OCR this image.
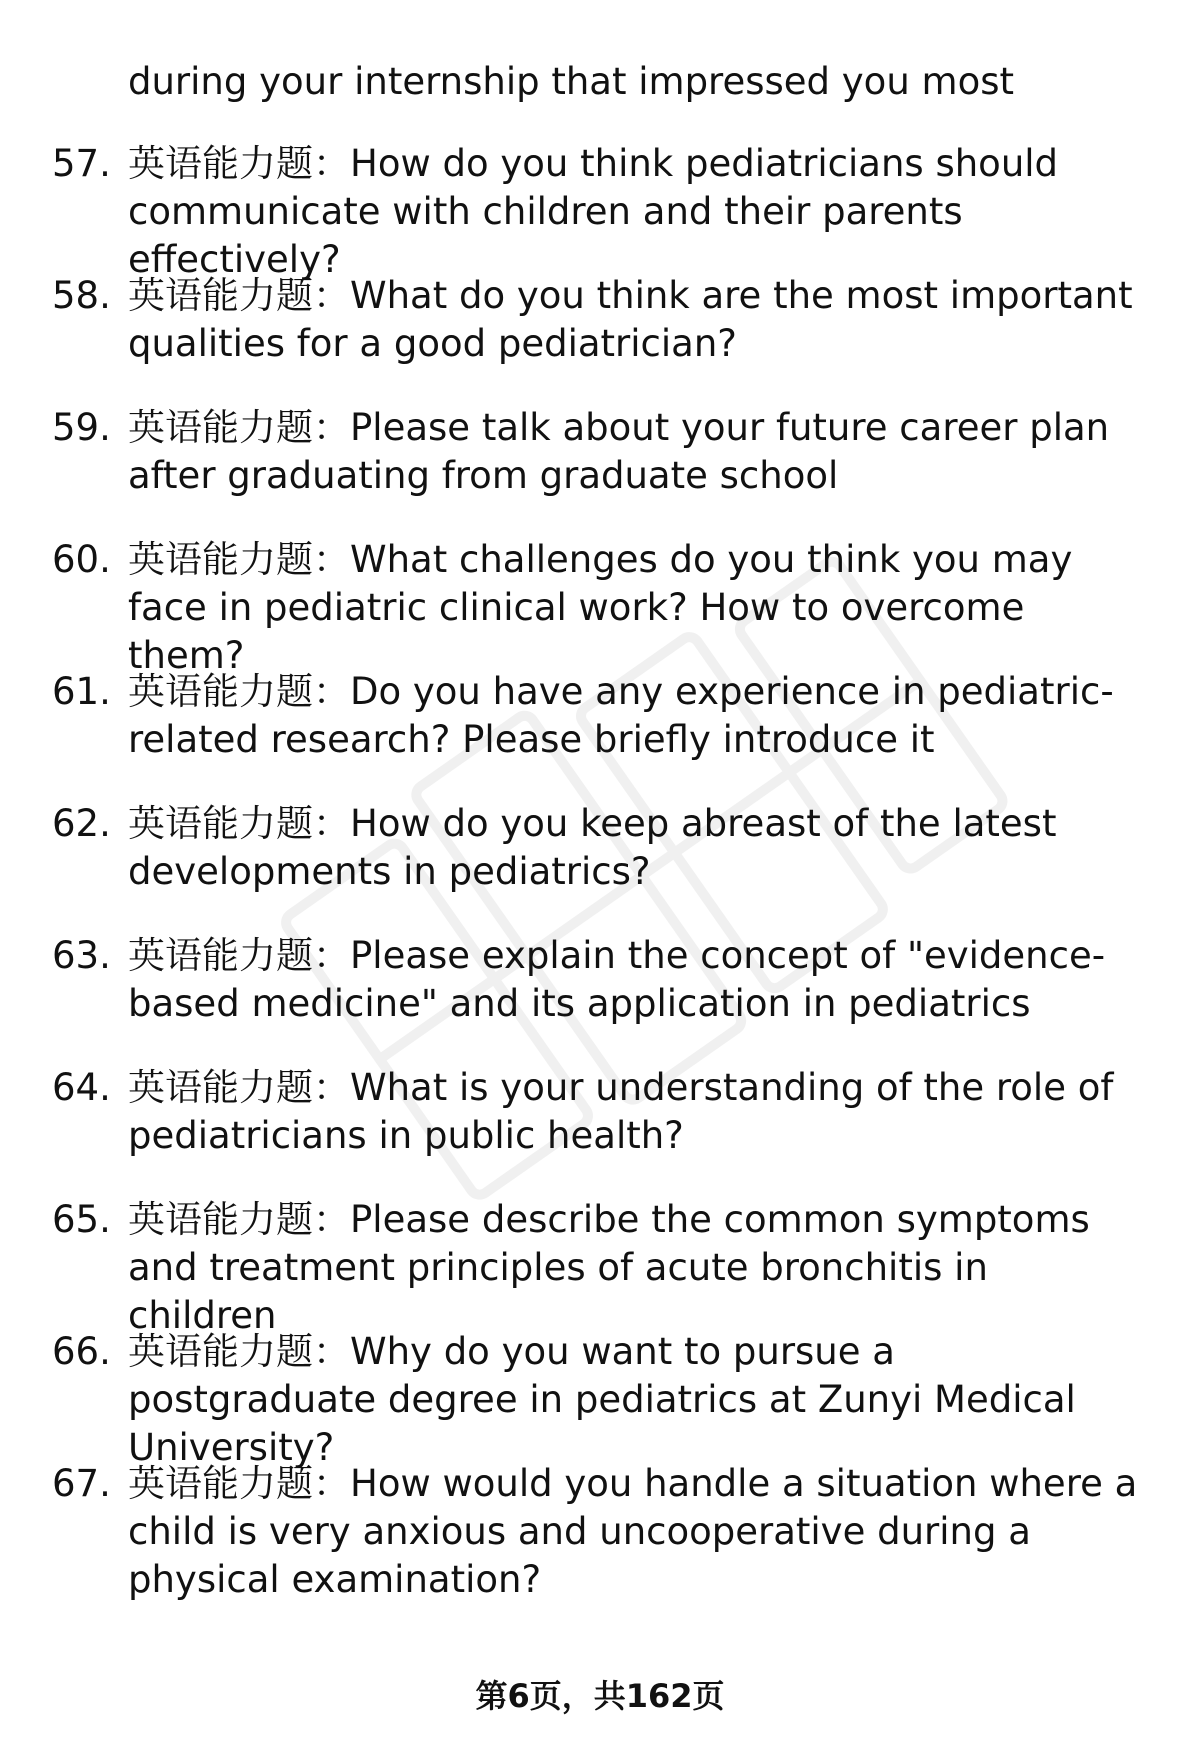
during your internship that impressed you most
57. 英语能力题：How do you think pediatricians should communicate with children and their parents effectively?
58. 英语能力题：What do you think are the most important qualities for a good pediatrician?
59. 英语能力题：Please talk about your future career plan after graduating from graduate school
60. 英语能力题：What challenges do you think you may face in pediatric clinical work? How to overcome them?
61. 英语能力题：Do you have any experience in pediatric-related research? Please briefly introduce it
62. 英语能力题：How do you keep abreast of the latest developments in pediatrics?
63. 英语能力题：Please explain the concept of "evidence-based medicine" and its application in pediatrics
64. 英语能力题：What is your understanding of the role of pediatricians in public health?
65. 英语能力题：Please describe the common symptoms and treatment principles of acute bronchitis in children
66. 英语能力题：Why do you want to pursue a postgraduate degree in pediatrics at Zunyi Medical University?
67. 英语能力题：How would you handle a situation where a child is very anxious and uncooperative during a physical examination?
第6页，共162页
